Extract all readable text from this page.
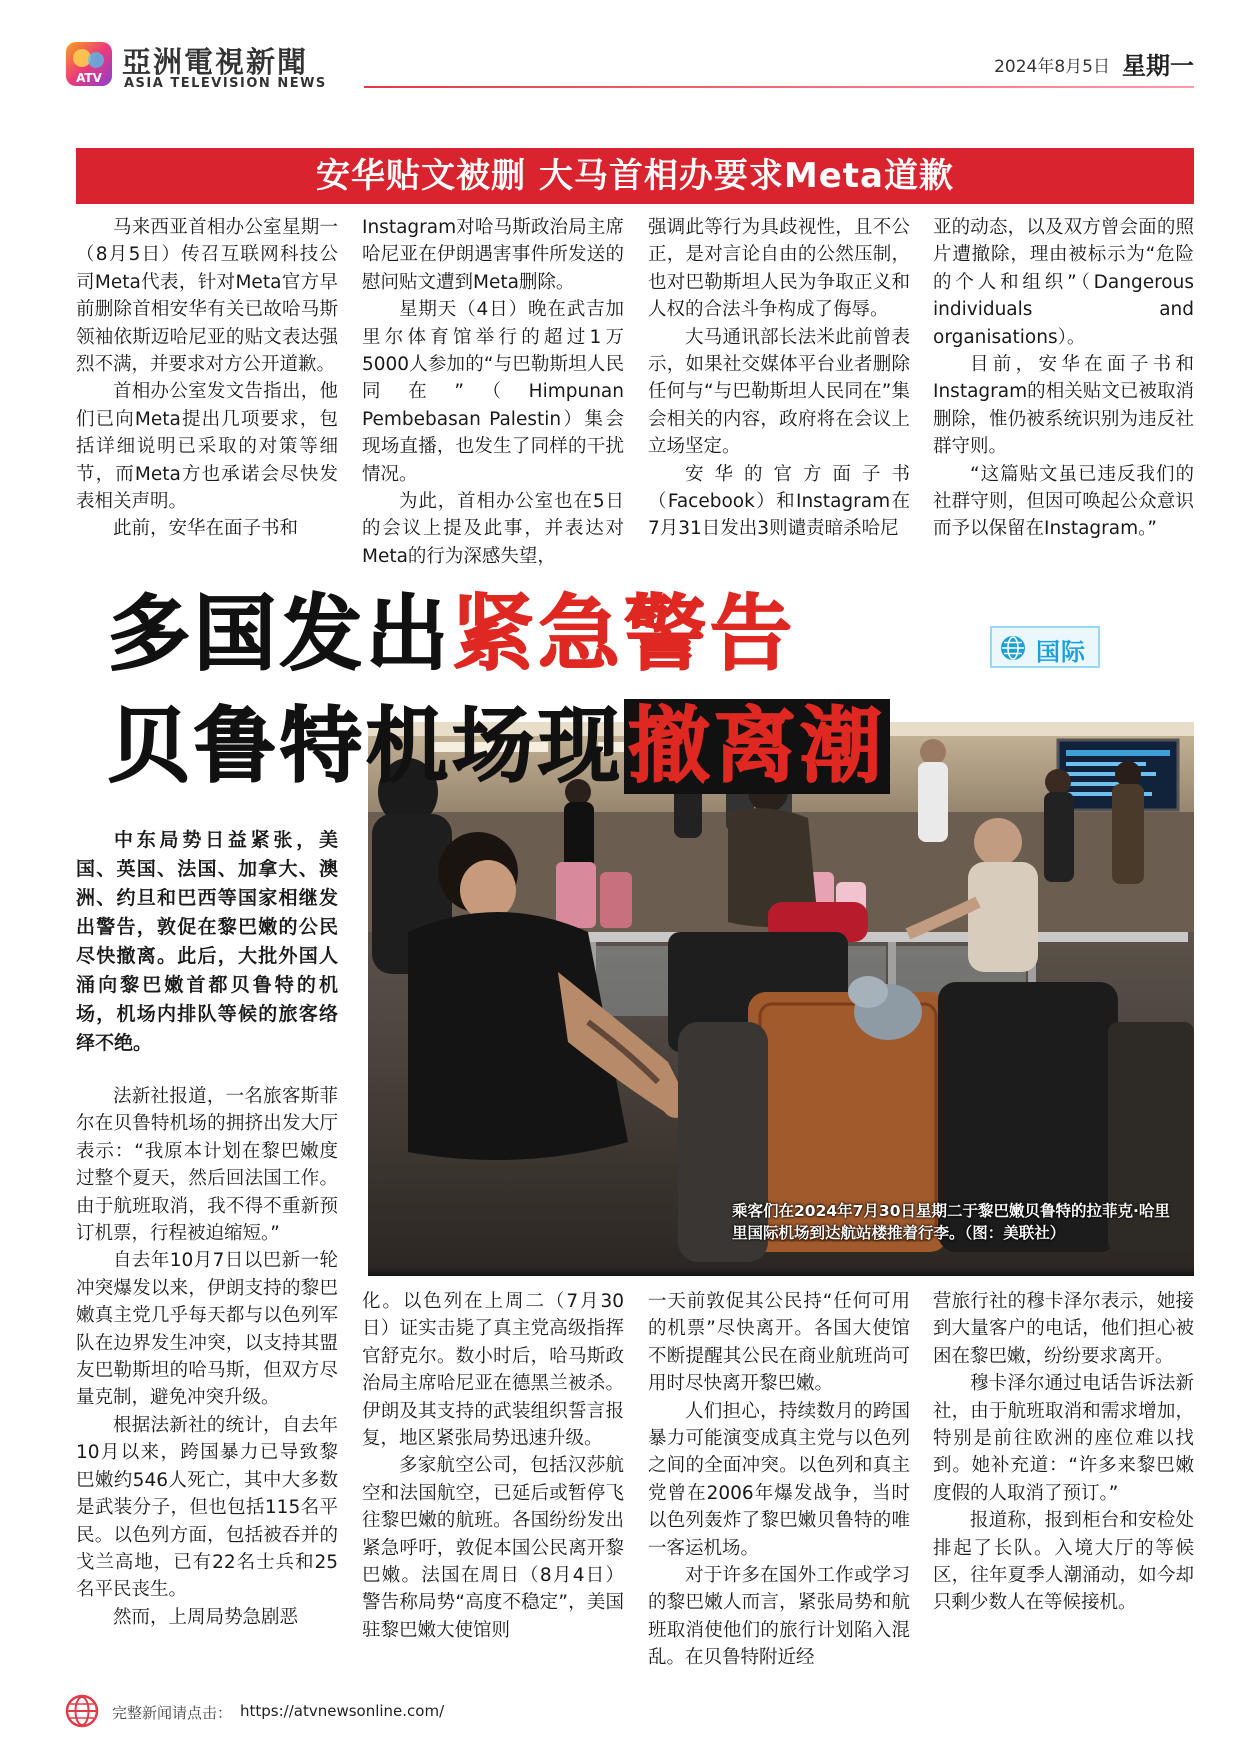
ATV 亞洲電視新聞
ASIA TELEVISION NEWS
2024年8月5日 星期一
安华贴文被删 大马首相办要求Meta道歉

马来西亚首相办公室星期一（8月5日）传召互联网科技公司Meta代表，针对Meta官方早前删除首相安华有关已故哈马斯领袖依斯迈哈尼亚的贴文表达强烈不满，并要求对方公开道歉。

首相办公室发文告指出，他们已向Meta提出几项要求，包括详细说明已采取的对策等细节，而Meta方也承诺会尽快发表相关声明。

此前，安华在面子书和

Instagram对哈马斯政治局主席哈尼亚在伊朗遇害事件所发送的慰问贴文遭到Meta删除。

星期天（4日）晚在武吉加里尔体育馆举行的超过1万5000人参加的“与巴勒斯坦人民同在”（Himpunan Pembebasan Palestin）集会现场直播，也发生了同样的干扰情况。

为此，首相办公室也在5日的会议上提及此事，并表达对Meta的行为深感失望，

强调此等行为具歧视性，且不公正，是对言论自由的公然压制，也对巴勒斯坦人民为争取正义和人权的合法斗争构成了侮辱。

大马通讯部长法米此前曾表示，如果社交媒体平台业者删除任何与“与巴勒斯坦人民同在”集会相关的内容，政府将在会议上立场坚定。

安华的官方面子书（Facebook）和Instagram在7月31日发出3则谴责暗杀哈尼

亚的动态，以及双方曾会面的照片遭撤除，理由被标示为“危险的个人和组织”（Dangerous individuals and organisations）。

目前，安华在面子书和Instagram的相关贴文已被取消删除，惟仍被系统识别为违反社群守则。

“这篇贴文虽已违反我们的社群守则，但因可唤起公众意识而予以保留在Instagram。”

多国发出紧急警告	国际
乘客们在2024年7月30日星期二于黎巴嫩贝鲁特的拉菲克·哈里里国际机场到达航站楼推着行李。（图：美联社）
贝鲁特机场现撤离潮

中东局势日益紧张，美国、英国、法国、加拿大、澳洲、约旦和巴西等国家相继发出警告，敦促在黎巴嫩的公民尽快撤离。此后，大批外国人涌向黎巴嫩首都贝鲁特的机场，机场内排队等候的旅客络绎不绝。

法新社报道，一名旅客斯菲尔在贝鲁特机场的拥挤出发大厅表示：“我原本计划在黎巴嫩度过整个夏天，然后回法国工作。由于航班取消，我不得不重新预订机票，行程被迫缩短。”

自去年10月7日以巴新一轮冲突爆发以来，伊朗支持的黎巴嫩真主党几乎每天都与以色列军队在边界发生冲突，以支持其盟友巴勒斯坦的哈马斯，但双方尽量克制，避免冲突升级。

根据法新社的统计，自去年10月以来，跨国暴力已导致黎巴嫩约546人死亡，其中大多数是武装分子，但也包括115名平民。以色列方面，包括被吞并的戈兰高地，已有22名士兵和25名平民丧生。

然而，上周局势急剧恶

化。以色列在上周二（7月30日）证实击毙了真主党高级指挥官舒克尔。数小时后，哈马斯政治局主席哈尼亚在德黑兰被杀。伊朗及其支持的武装组织誓言报复，地区紧张局势迅速升级。

多家航空公司，包括汉莎航空和法国航空，已延后或暂停飞往黎巴嫩的航班。各国纷纷发出紧急呼吁，敦促本国公民离开黎巴嫩。法国在周日（8月4日）警告称局势“高度不稳定”，美国驻黎巴嫩大使馆则

一天前敦促其公民持“任何可用的机票”尽快离开。各国大使馆不断提醒其公民在商业航班尚可用时尽快离开黎巴嫩。

人们担心，持续数月的跨国暴力可能演变成真主党与以色列之间的全面冲突。以色列和真主党曾在2006年爆发战争，当时以色列轰炸了黎巴嫩贝鲁特的唯一客运机场。

对于许多在国外工作或学习的黎巴嫩人而言，紧张局势和航班取消使他们的旅行计划陷入混乱。在贝鲁特附近经

营旅行社的穆卡泽尔表示，她接到大量客户的电话，他们担心被困在黎巴嫩，纷纷要求离开。

穆卡泽尔通过电话告诉法新社，由于航班取消和需求增加，特别是前往欧洲的座位难以找到。她补充道：“许多来黎巴嫩度假的人取消了预订。”

报道称，报到柜台和安检处排起了长队。入境大厅的等候区，往年夏季人潮涌动，如今却只剩少数人在等候接机。

完整新闻请点击： https://atvnewsonline.com/
